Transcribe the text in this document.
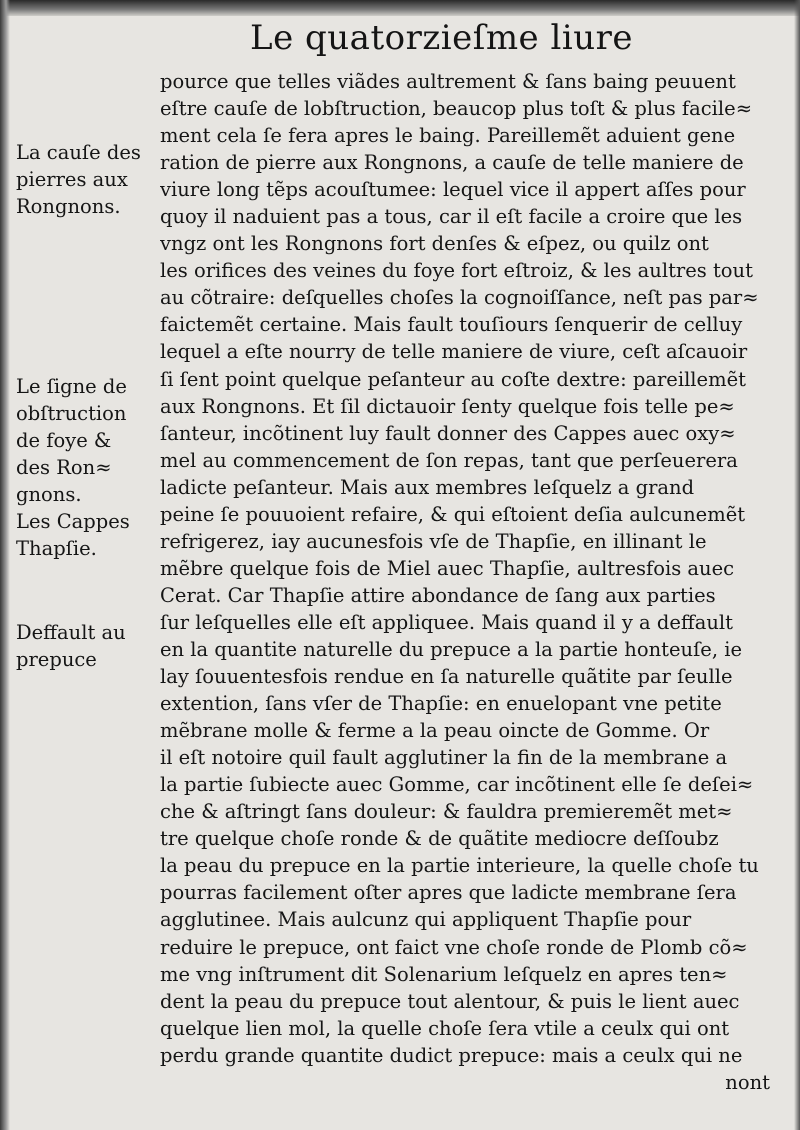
Le quatorzieſme liure
La cauſe des
pierres aux
Rongnons.
Le ſigne de
obſtruction
de foye &
des Ron≈
gnons.
Les Cappes
Thapſie.
Deffault au
prepuce
pource que telles viãdes aultrement & ſans baing peuuent
eſtre cauſe de lobſtruction, beaucop plus toſt & plus facile≈
ment cela ſe fera apres le baing. Pareillemẽt aduient gene
ration de pierre aux Rongnons, a cauſe de telle maniere de
viure long tẽps acouſtumee: lequel vice il appert aſſes pour
quoy il naduient pas a tous, car il eſt facile a croire que les
vngz ont les Rongnons fort denſes & eſpez, ou quilz ont
les orifices des veines du foye fort eſtroiz, & les aultres tout
au cõtraire: deſquelles choſes la cognoiſſance, neſt pas par≈
faictemẽt certaine. Mais fault touſiours ſenquerir de celluy
lequel a eſte nourry de telle maniere de viure, ceſt aſcauoir
ſi ſent point quelque peſanteur au coſte dextre: pareillemẽt
aux Rongnons. Et ſil dictauoir ſenty quelque fois telle pe≈
ſanteur, incõtinent luy fault donner des Cappes auec oxy≈
mel au commencement de ſon repas, tant que perſeuerera
ladicte peſanteur. Mais aux membres leſquelz a grand
peine ſe pouuoient refaire, & qui eſtoient deſia aulcunemẽt
refrigerez, iay aucunesfois vſe de Thapſie, en illinant le
mẽbre quelque fois de Miel auec Thapſie, aultresfois auec
Cerat. Car Thapſie attire abondance de ſang aux parties
ſur leſquelles elle eſt appliquee. Mais quand il y a deffault
en la quantite naturelle du prepuce a la partie honteuſe, ie
lay ſouuentesfois rendue en ſa naturelle quãtite par ſeulle
extention, ſans vſer de Thapſie: en enuelopant vne petite
mẽbrane molle & ferme a la peau oincte de Gomme. Or
il eſt notoire quil fault agglutiner la fin de la membrane a
la partie ſubiecte auec Gomme, car incõtinent elle ſe deſei≈
che & aſtringt ſans douleur: & fauldra premieremẽt met≈
tre quelque choſe ronde & de quãtite mediocre deſſoubz
la peau du prepuce en la partie interieure, la quelle choſe tu
pourras facilement oſter apres que ladicte membrane ſera
agglutinee. Mais aulcunz qui appliquent Thapſie pour
reduire le prepuce, ont faict vne choſe ronde de Plomb cõ≈
me vng inſtrument dit Solenarium leſquelz en apres ten≈
dent la peau du prepuce tout alentour, & puis le lient auec
quelque lien mol, la quelle choſe ſera vtile a ceulx qui ont
perdu grande quantite dudict prepuce: mais a ceulx qui ne
nont
